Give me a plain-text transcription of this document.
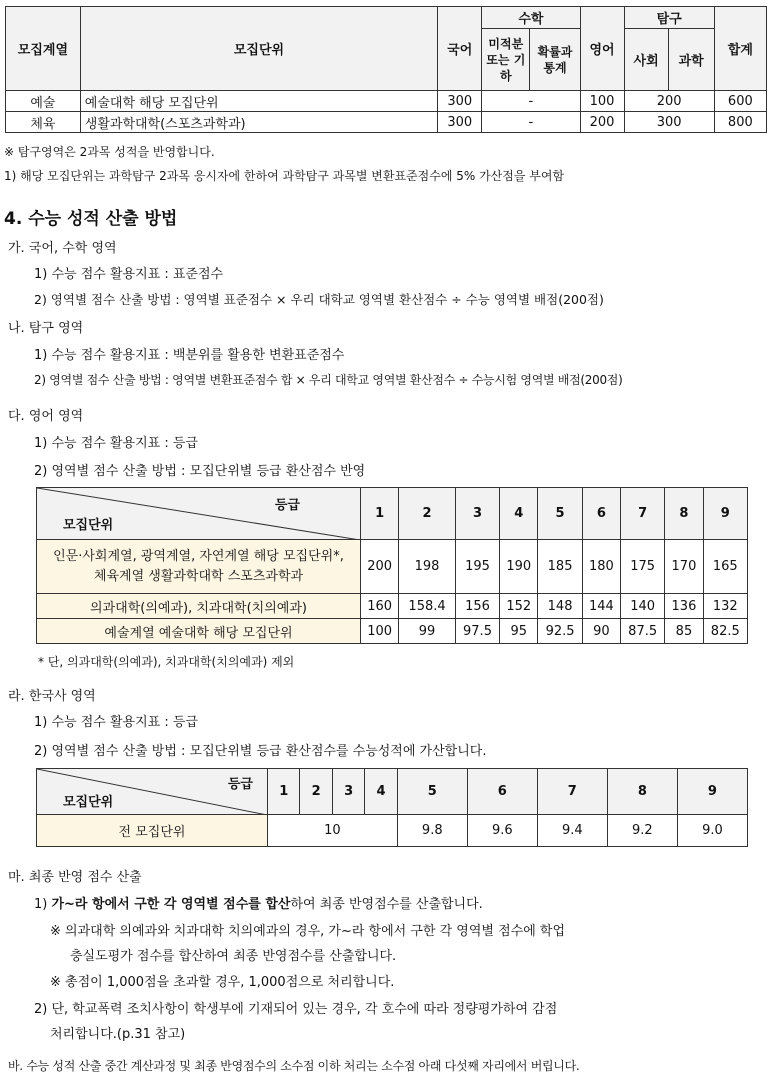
모집계열	모집단위	국어	수학		영어	탐구		합계
			미적분 또는 기하	확률과 통계		사회	과학	
예술	예술대학 해당 모집단위	300	-		100	200		600
체육	생활과학대학(스포츠과학과)	300	-		200	300		800
※ 탐구영역은 2과목 성적을 반영합니다.
1) 해당 모집단위는 과학탐구 2과목 응시자에 한하여 과학탐구 과목별 변환표준점수에 5% 가산점을 부여함
4. 수능 성적 산출 방법
가. 국어, 수학 영역
1) 수능 점수 활용지표 : 표준점수
2) 영역별 점수 산출 방법 : 영역별 표준점수 × 우리 대학교 영역별 환산점수 ÷ 수능 영역별 배점(200점)
나. 탐구 영역
1) 수능 점수 활용지표 : 백분위를 활용한 변환표준점수
2) 영역별 점수 산출 방법 : 영역별 변환표준점수 합 × 우리 대학교 영역별 환산점수 ÷ 수능시험 영역별 배점(200점)
다. 영어 영역
1) 수능 점수 활용지표 : 등급
2) 영역별 점수 산출 방법 : 모집단위별 등급 환산점수 반영
등급
모집단위	1	2	3	4	5	6	7	8	9

인문·사회계열, 광역계열, 자연계열 해당 모집단위*,
체육계열 생활과학대학 스포츠과학과	200	198	195	190	185	180	175	170	165
의과대학(의예과), 치과대학(치의예과)	160	158.4	156	152	148	144	140	136	132
예술계열 예술대학 해당 모집단위	100	99	97.5	95	92.5	90	87.5	85	82.5
* 단, 의과대학(의예과), 치과대학(치의예과) 제외
라. 한국사 영역
1) 수능 점수 활용지표 : 등급
2) 영역별 점수 산출 방법 : 모집단위별 등급 환산점수를 수능성적에 가산합니다.
등급
모집단위	1	2	3	4	5	6	7	8	9
전 모집단위	10				9.8	9.6	9.4	9.2	9.0
마. 최종 반영 점수 산출
1) 가~라 항에서 구한 각 영역별 점수를 합산하여 최종 반영점수를 산출합니다.
※ 의과대학 의예과와 치과대학 치의예과의 경우, 가~라 항에서 구한 각 영역별 점수에 학업
충실도평가 점수를 합산하여 최종 반영점수를 산출합니다.
※ 총점이 1,000점을 초과할 경우, 1,000점으로 처리합니다.
2) 단, 학교폭력 조치사항이 학생부에 기재되어 있는 경우, 각 호수에 따라 정량평가하여 감점
처리합니다.(p.31 참고)
바. 수능 성적 산출 중간 계산과정 및 최종 반영점수의 소수점 이하 처리는 소수점 아래 다섯째 자리에서 버립니다.
